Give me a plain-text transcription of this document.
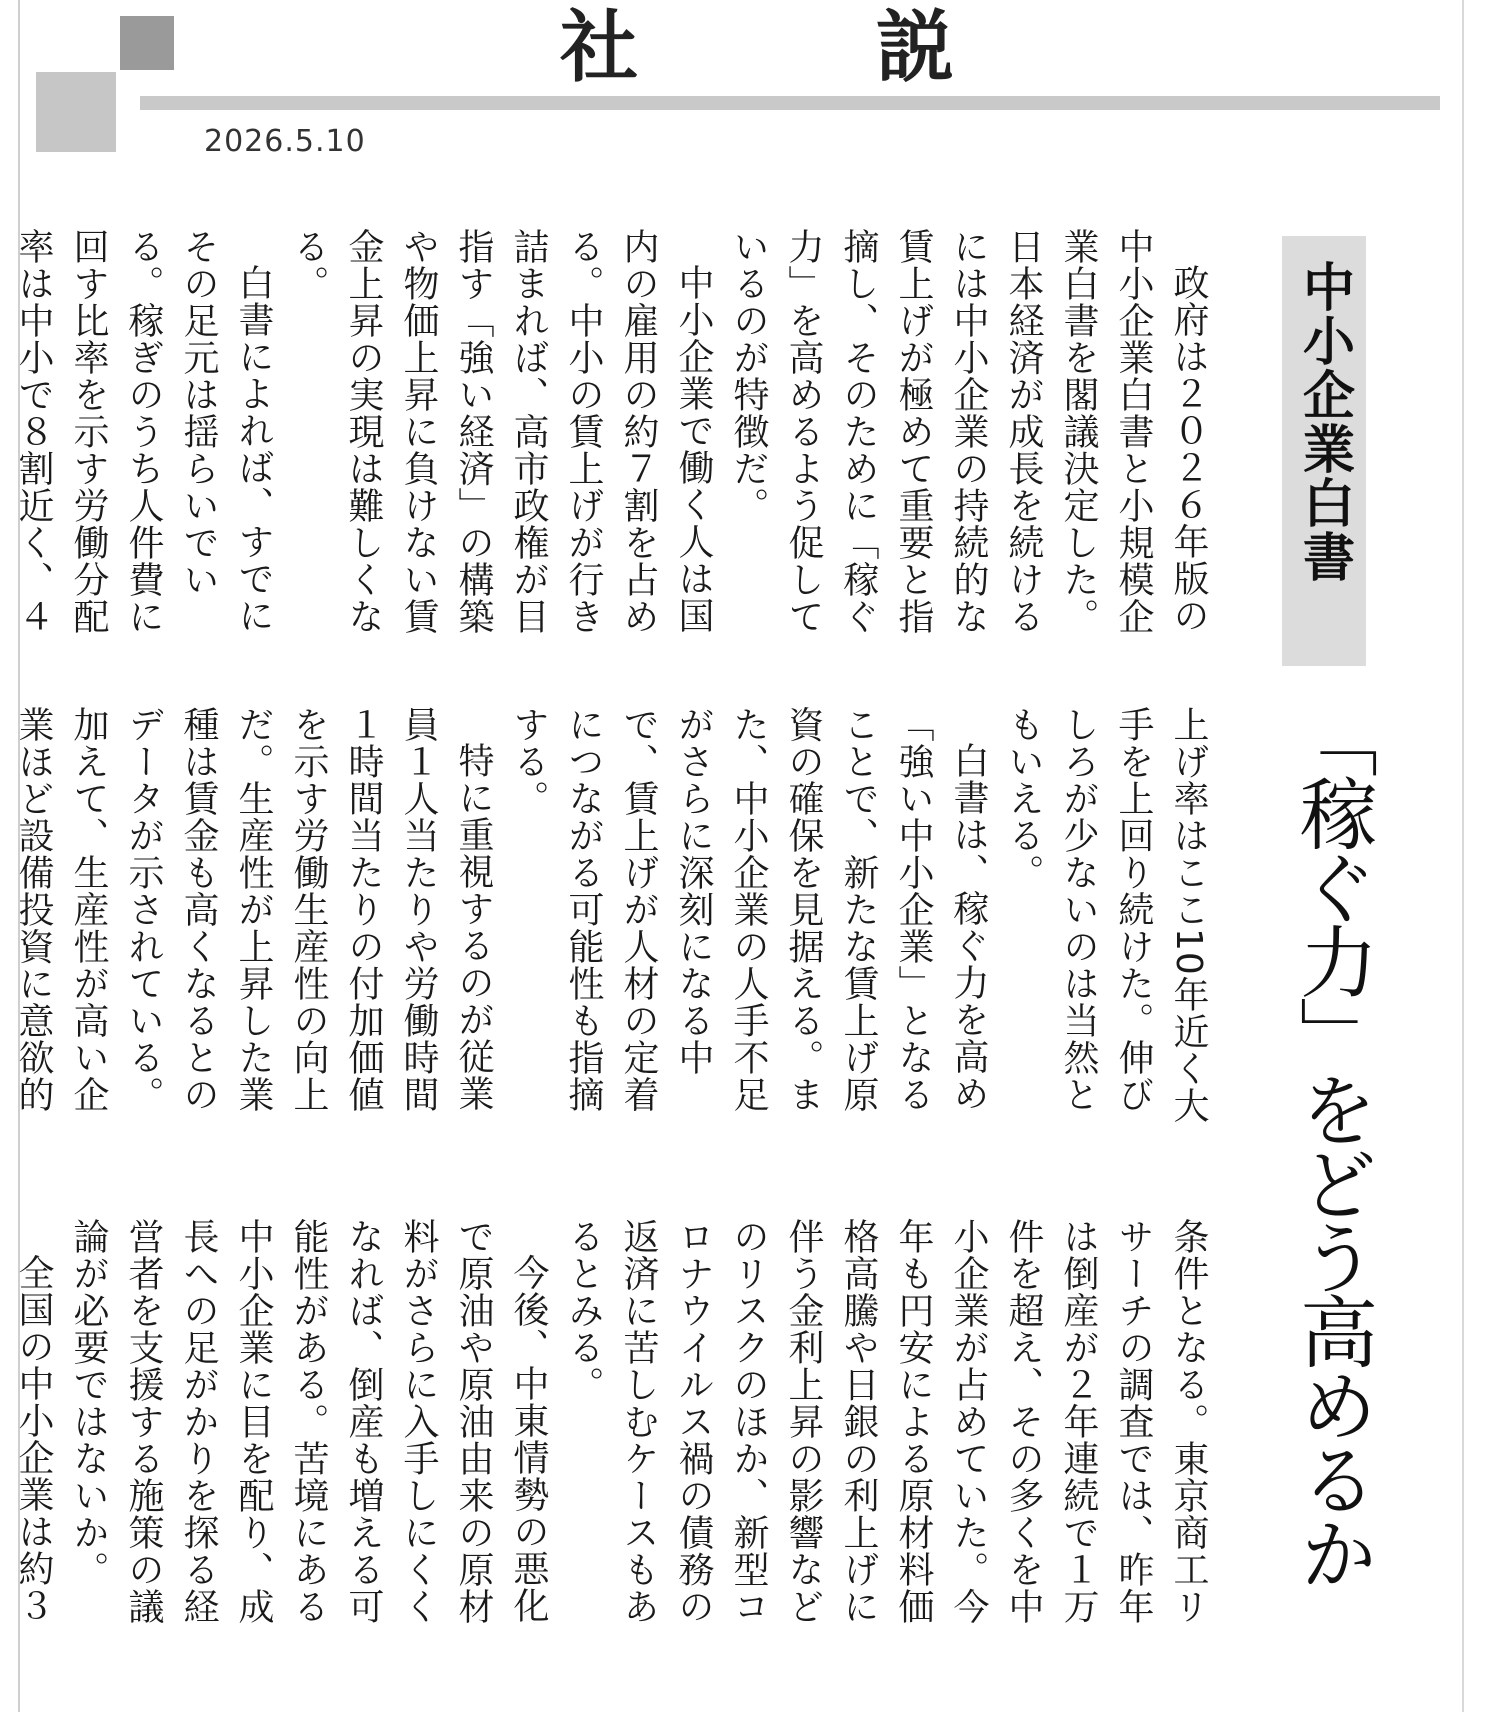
社　説
2026.5.10
中小企業白書
「稼ぐ力」をどう高めるか

政府は２０２６年版の中小企業白書と小規模企業白書を閣議決定した。日本経済が成長を続けるには中小企業の持続的な賃上げが極めて重要と指摘し、そのために「稼ぐ力」を高めるよう促しているのが特徴だ。

中小企業で働く人は国内の雇用の約７割を占める。中小の賃上げが行き詰まれば、高市政権が目指す「強い経済」の構築や物価上昇に負けない賃金上昇の実現は難しくなる。

白書によれば、すでにその足元は揺らいでいる。稼ぎのうち人件費に回す比率を示す労働分配率は中小で８割近く、４

上げ率はここ10年近く大手を上回り続けた。伸びしろが少ないのは当然ともいえる。

白書は、稼ぐ力を高め「強い中小企業」となることで、新たな賃上げ原資の確保を見据える。また、中小企業の人手不足がさらに深刻になる中で、賃上げが人材の定着につながる可能性も指摘する。

特に重視するのが従業員１人当たりや労働時間１時間当たりの付加価値を示す労働生産性の向上だ。生産性が上昇した業種は賃金も高くなるとのデータが示されている。加えて、生産性が高い企業ほど設備投資に意欲的

条件となる。東京商工リサーチの調査では、昨年は倒産が２年連続で１万件を超え、その多くを中小企業が占めていた。今年も円安による原材料価格高騰や日銀の利上げに伴う金利上昇の影響などのリスクのほか、新型コロナウイルス禍の債務の返済に苦しむケースもあるとみる。

今後、中東情勢の悪化で原油や原油由来の原材料がさらに入手しにくくなれば、倒産も増える可能性がある。苦境にある中小企業に目を配り、成長への足がかりを探る経営者を支援する施策の議論が必要ではないか。

全国の中小企業は約３
